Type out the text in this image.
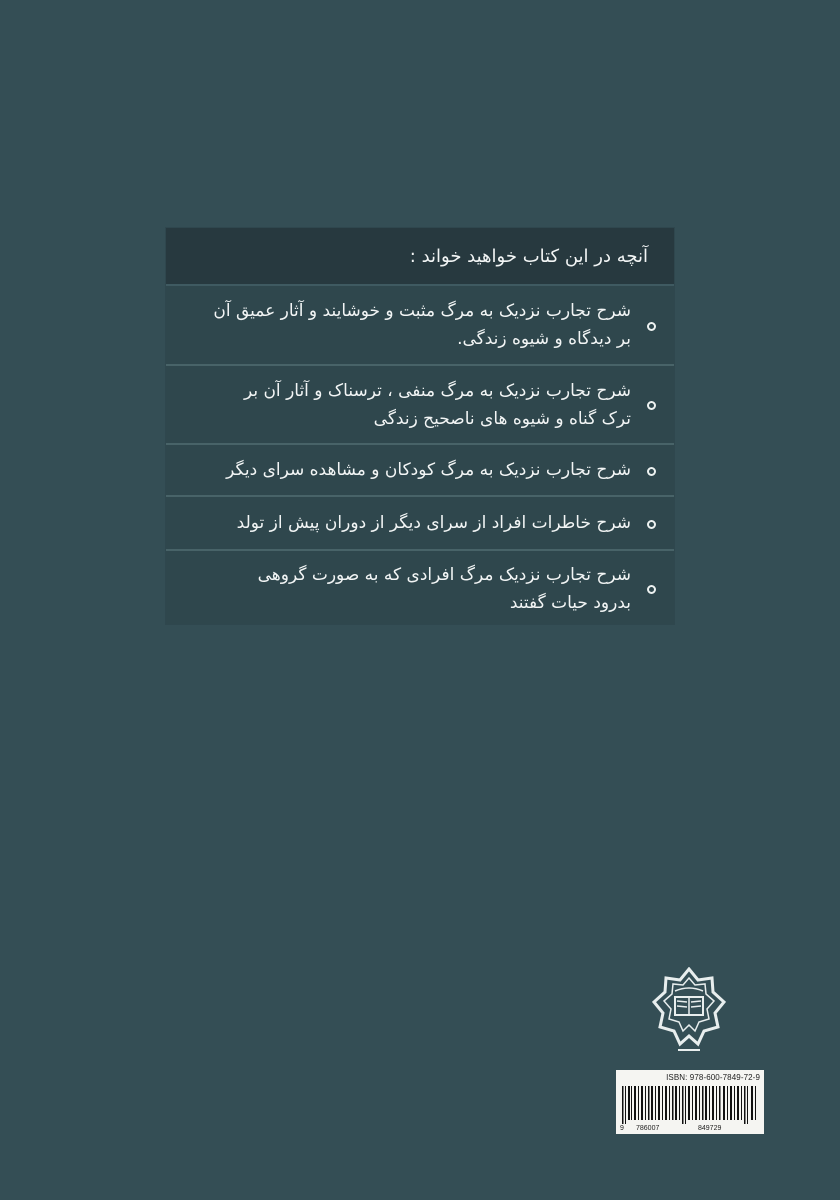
آنچه در این کتاب خواهید خواند :
شرح تجارب نزدیک به مرگ مثبت و خوشایند و آثار عمیق آن
بر دیدگاه و شیوه زندگی.
شرح تجارب نزدیک به مرگ منفی ، ترسناک و آثار آن بر
ترک گناه و شیوه های ناصحیح زندگی
شرح تجارب نزدیک به مرگ کودکان و مشاهده سرای دیگر
شرح خاطرات افراد از سرای دیگر از دوران پیش از تولد
شرح تجارب نزدیک مرگ افرادی که به صورت گروهی
بدرود حیات گفتند
ISBN: 978-600-7849-72-9
9 786007	849729
